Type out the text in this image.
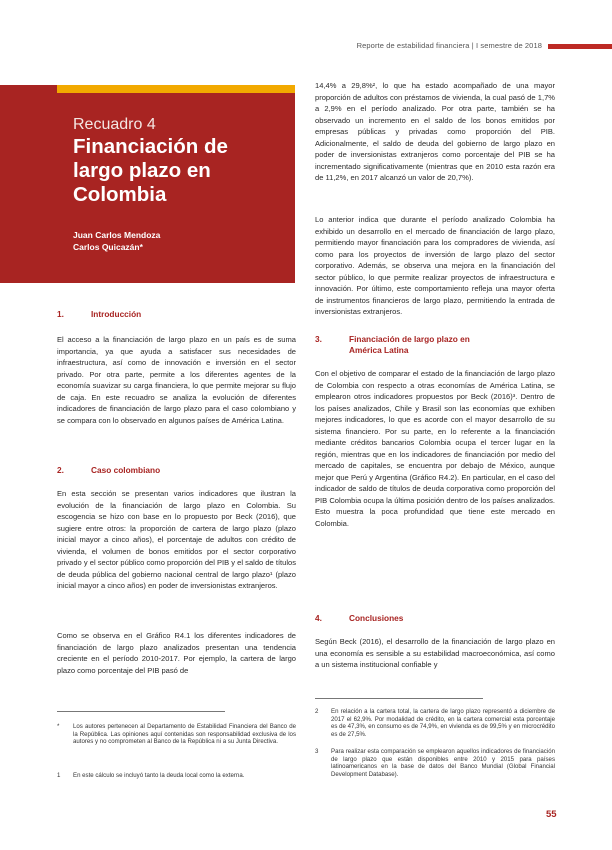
Reporte de estabilidad financiera | I semestre de 2018
Recuadro 4
Financiación de
largo plazo en
Colombia
Juan Carlos Mendoza
Carlos Quicazán*
1.	Introducción

El acceso a la financiación de largo plazo en un país es de suma importancia, ya que ayuda a satisfacer sus necesidades de infraestructura, así como de innovación e inversión en el sector privado. Por otra parte, permite a los diferentes agentes de la economía suavizar su carga financiera, lo que permite mejorar su flujo de caja. En este recuadro se analiza la evolución de diferentes indicadores de financiación de largo plazo para el caso colombiano y se compara con lo observado en algunos países de América Latina.

2.	Caso colombiano

En esta sección se presentan varios indicadores que ilustran la evolución de la financiación de largo plazo en Colombia. Su escogencia se hizo con base en lo propuesto por Beck (2016), que sugiere entre otros: la proporción de cartera de largo plazo (plazo inicial mayor a cinco años), el porcentaje de adultos con crédito de vivienda, el volumen de bonos emitidos por el sector corporativo privado y el sector público como proporción del PIB y el saldo de títulos de deuda pública del gobierno nacional central de largo plazo¹ (plazo inicial mayor a cinco años) en poder de inversionistas extranjeros.

Como se observa en el Gráfico R4.1 los diferentes indicadores de financiación de largo plazo analizados presentan una tendencia creciente en el período 2010-2017. Por ejemplo, la cartera de largo plazo como porcentaje del PIB pasó de

* Los autores pertenecen al Departamento de Estabilidad Financiera del Banco de la República. Las opiniones aquí contenidas son responsabilidad exclusiva de los autores y no comprometen al Banco de la República ni a su Junta Directiva.
1 En este cálculo se incluyó tanto la deuda local como la externa.

14,4% a 29,8%², lo que ha estado acompañado de una mayor proporción de adultos con préstamos de vivienda, la cual pasó de 1,7% a 2,9% en el período analizado. Por otra parte, también se ha observado un incremento en el saldo de los bonos emitidos por empresas públicas y privadas como proporción del PIB. Adicionalmente, el saldo de deuda del gobierno de largo plazo en poder de inversionistas extranjeros como porcentaje del PIB se ha incrementado significativamente (mientras que en 2010 esta razón era de 11,2%, en 2017 alcanzó un valor de 20,7%).

Lo anterior indica que durante el período analizado Colombia ha exhibido un desarrollo en el mercado de financiación de largo plazo, permitiendo mayor financiación para los compradores de vivienda, así como para los proyectos de inversión de largo plazo del sector corporativo. Además, se observa una mejora en la financiación del sector público, lo que permite realizar proyectos de infraestructura e innovación. Por último, este comportamiento refleja una mayor oferta de instrumentos financieros de largo plazo, permitiendo la entrada de inversionistas extranjeros.

3.	Financiación de largo plazo en
América Latina

Con el objetivo de comparar el estado de la financiación de largo plazo de Colombia con respecto a otras economías de América Latina, se emplearon otros indicadores propuestos por Beck (2016)³. Dentro de los países analizados, Chile y Brasil son las economías que exhiben mejores indicadores, lo que es acorde con el mayor desarrollo de su sistema financiero. Por su parte, en lo referente a la financiación mediante créditos bancarios Colombia ocupa el tercer lugar en la región, mientras que en los indicadores de financiación por medio del mercado de capitales, se encuentra por debajo de México, aunque mejor que Perú y Argentina (Gráfico R4.2). En particular, en el caso del indicador de saldo de títulos de deuda corporativa como proporción del PIB Colombia ocupa la última posición dentro de los países analizados. Esto muestra la poca profundidad que tiene este mercado en Colombia.

4.	Conclusiones

Según Beck (2016), el desarrollo de la financiación de largo plazo en una economía es sensible a su estabilidad macroeconómica, así como a un sistema institucional confiable y

2 En relación a la cartera total, la cartera de largo plazo representó a diciembre de 2017 el 62,9%. Por modalidad de crédito, en la cartera comercial esta porcentaje es de 47,3%, en consumo es de 74,9%, en vivienda es de 99,5% y en microcrédito es de 27,5%.
3 Para realizar esta comparación se emplearon aquellos indicadores de financiación de largo plazo que están disponibles entre 2010 y 2015 para países latinoamericanos en la base de datos del Banco Mundial (Global Financial Development Database).
55
